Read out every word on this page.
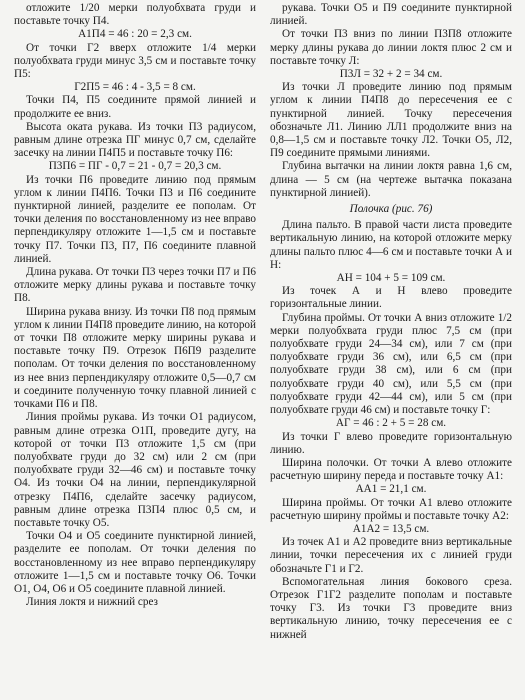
отложите 1/20 мерки полуобхвата груди и поставьте точку П4.

А1П4 = 46 : 20 = 2,3 см.

От точки Г2 вверх отложите 1/4 мерки полуобхвата груди минус 3,5 см и поставьте точку П5:

Г2П5 = 46 : 4 - 3,5 = 8 см.

Точки П4, П5 соедините прямой линией и продолжите ее вниз.

Высота оката рукава. Из точки П3 радиусом, равным длине отрезка ПГ минус 0,7 см, сделайте засечку на линии П4П5 и поставьте точку П6:

П3П6 = ПГ - 0,7 = 21 - 0,7 = 20,3 см.

Из точки П6 проведите линию под прямым углом к линии П4П6. Точки П3 и П6 соедините пунктирной линией, разделите ее пополам. От точки деления по восстановленному из нее вправо перпендикуляру отложите 1—1,5 см и поставьте точку П7. Точки П3, П7, П6 соедините плавной линией.

Длина рукава. От точки П3 через точки П7 и П6 отложите мерку длины рукава и поставьте точку П8.

Ширина рукава внизу. Из точки П8 под прямым углом к линии П4П8 проведите линию, на которой от точки П8 отложите мерку ширины рукава и поставьте точку П9. Отрезок П6П9 разделите пополам. От точки деления по восстановленному из нее вниз перпендикуляру отложите 0,5—0,7 см и соедините полученную точку плавной линией с точками П6 и П8.

Линия проймы рукава. Из точки О1 радиусом, равным длине отрезка О1П, проведите дугу, на которой от точки П3 отложите 1,5 см (при полуобхвате груди до 32 см) или 2 см (при полуобхвате груди 32—46 см) и поставьте точку О4. Из точки О4 на линии, перпендикулярной отрезку П4П6, сделайте засечку радиусом, равным длине отрезка П3П4 плюс 0,5 см, и поставьте точку О5.

Точки О4 и О5 соедините пунктирной линией, разделите ее пополам. От точки деления по восстановленному из нее вправо перпендикуляру отложите 1—1,5 см и поставьте точку О6. Точки О1, О4, О6 и О5 соедините плавной линией.

Линия локтя и нижний срез

рукава. Точки О5 и П9 соедините пунктирной линией.

От точки П3 вниз по линии П3П8 отложите мерку длины рукава до линии локтя плюс 2 см и поставьте точку Л:

П3Л = 32 + 2 = 34 см.

Из точки Л проведите линию под прямым углом к линии П4П8 до пересечения ее с пунктирной линией. Точку пересечения обозначьте Л1. Линию ЛЛ1 продолжите вниз на 0,8—1,5 см и поставьте точку Л2. Точки О5, Л2, П9 соедините прямыми линиями.

Глубина вытачки на линии локтя равна 1,6 см, длина — 5 см (на чертеже вытачка показана пунктирной линией).

Полочка (рис. 76)

Длина пальто. В правой части листа проведите вертикальную линию, на которой отложите мерку длины пальто плюс 4—6 см и поставьте точки А и Н:

АН = 104 + 5 = 109 см.

Из точек А и Н влево проведите горизонтальные линии.

Глубина проймы. От точки А вниз отложите 1/2 мерки полуобхвата груди плюс 7,5 см (при полуобхвате груди 24—34 см), или 7 см (при полуобхвате груди 36 см), или 6,5 см (при полуобхвате груди 38 см), или 6 см (при полуобхвате груди 40 см), или 5,5 см (при полуобхвате груди 42—44 см), или 5 см (при полуобхвате груди 46 см) и поставьте точку Г:

АГ = 46 : 2 + 5 = 28 см.

Из точки Г влево проведите горизонтальную линию.

Ширина полочки. От точки А влево отложите расчетную ширину переда и поставьте точку А1:

АА1 = 21,1 см.

Ширина проймы. От точки А1 влево отложите расчетную ширину проймы и поставьте точку А2:

А1А2 = 13,5 см.

Из точек А1 и А2 проведите вниз вертикальные линии, точки пересечения их с линией груди обозначьте Г1 и Г2.

Вспомогательная линия бокового среза. Отрезок Г1Г2 разделите пополам и поставьте точку Г3. Из точки Г3 проведите вниз вертикальную линию, точку пересечения ее с нижней
